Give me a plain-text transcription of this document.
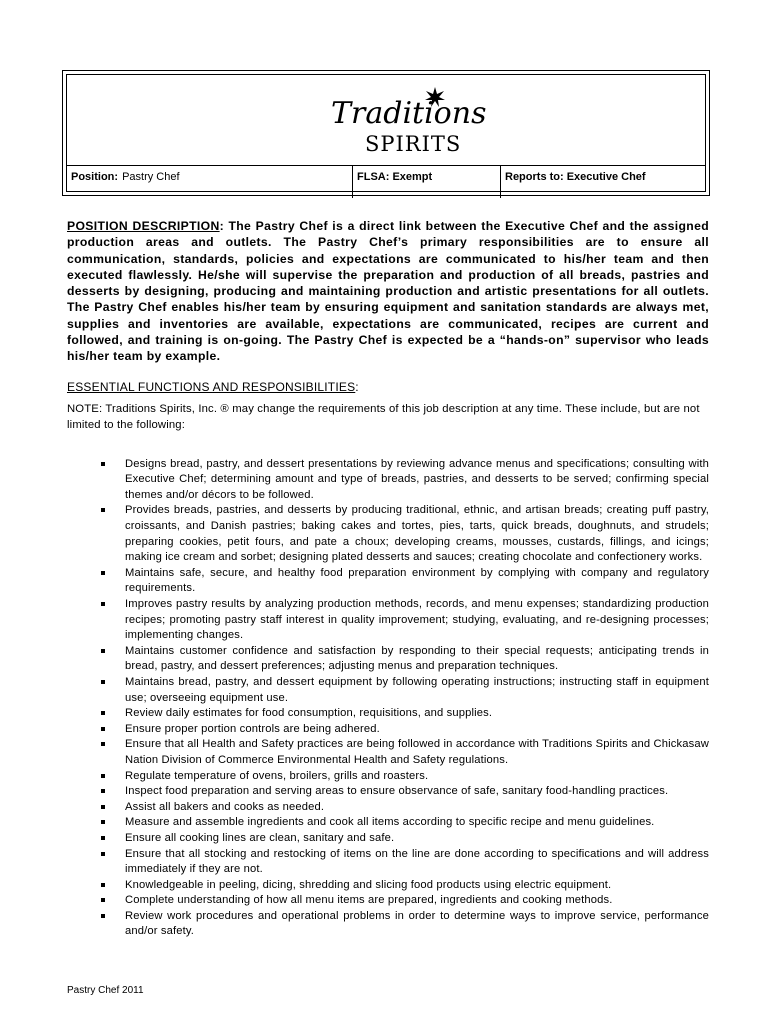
Traditions
SPIRITS
Position: Pastry Chef	FLSA: Exempt	Reports to: Executive Chef

POSITION DESCRIPTION: The Pastry Chef is a direct link between the Executive Chef and the assigned production areas and outlets. The Pastry Chef’s primary responsibilities are to ensure all communication, standards, policies and expectations are communicated to his/her team and then executed flawlessly. He/she will supervise the preparation and production of all breads, pastries and desserts by designing, producing and maintaining production and artistic presentations for all outlets. The Pastry Chef enables his/her team by ensuring equipment and sanitation standards are always met, supplies and inventories are available, expectations are communicated, recipes are current and followed, and training is on-going. The Pastry Chef is expected be a “hands-on” supervisor who leads his/her team by example.

ESSENTIAL FUNCTIONS AND RESPONSIBILITIES:

NOTE: Traditions Spirits, Inc. ® may change the requirements of this job description at any time. These include, but are not limited to the following:

Designs bread, pastry, and dessert presentations by reviewing advance menus and specifications; consulting with Executive Chef; determining amount and type of breads, pastries, and desserts to be served; confirming special themes and/or décors to be followed.
Provides breads, pastries, and desserts by producing traditional, ethnic, and artisan breads; creating puff pastry, croissants, and Danish pastries; baking cakes and tortes, pies, tarts, quick breads, doughnuts, and strudels; preparing cookies, petit fours, and pate a choux; developing creams, mousses, custards, fillings, and icings; making ice cream and sorbet; designing plated desserts and sauces; creating chocolate and confectionery works.
Maintains safe, secure, and healthy food preparation environment by complying with company and regulatory requirements.
Improves pastry results by analyzing production methods, records, and menu expenses; standardizing production recipes; promoting pastry staff interest in quality improvement; studying, evaluating, and re-designing processes; implementing changes.
Maintains customer confidence and satisfaction by responding to their special requests; anticipating trends in bread, pastry, and dessert preferences; adjusting menus and preparation techniques.
Maintains bread, pastry, and dessert equipment by following operating instructions; instructing staff in equipment use; overseeing equipment use.
Review daily estimates for food consumption, requisitions, and supplies.
Ensure proper portion controls are being adhered.
Ensure that all Health and Safety practices are being followed in accordance with Traditions Spirits and Chickasaw Nation Division of Commerce Environmental Health and Safety regulations.
Regulate temperature of ovens, broilers, grills and roasters.
Inspect food preparation and serving areas to ensure observance of safe, sanitary food-handling practices.
Assist all bakers and cooks as needed.
Measure and assemble ingredients and cook all items according to specific recipe and menu guidelines.
Ensure all cooking lines are clean, sanitary and safe.
Ensure that all stocking and restocking of items on the line are done according to specifications and will address immediately if they are not.
Knowledgeable in peeling, dicing, shredding and slicing food products using electric equipment.
Complete understanding of how all menu items are prepared, ingredients and cooking methods.
Review work procedures and operational problems in order to determine ways to improve service, performance and/or safety.
Pastry Chef 2011
